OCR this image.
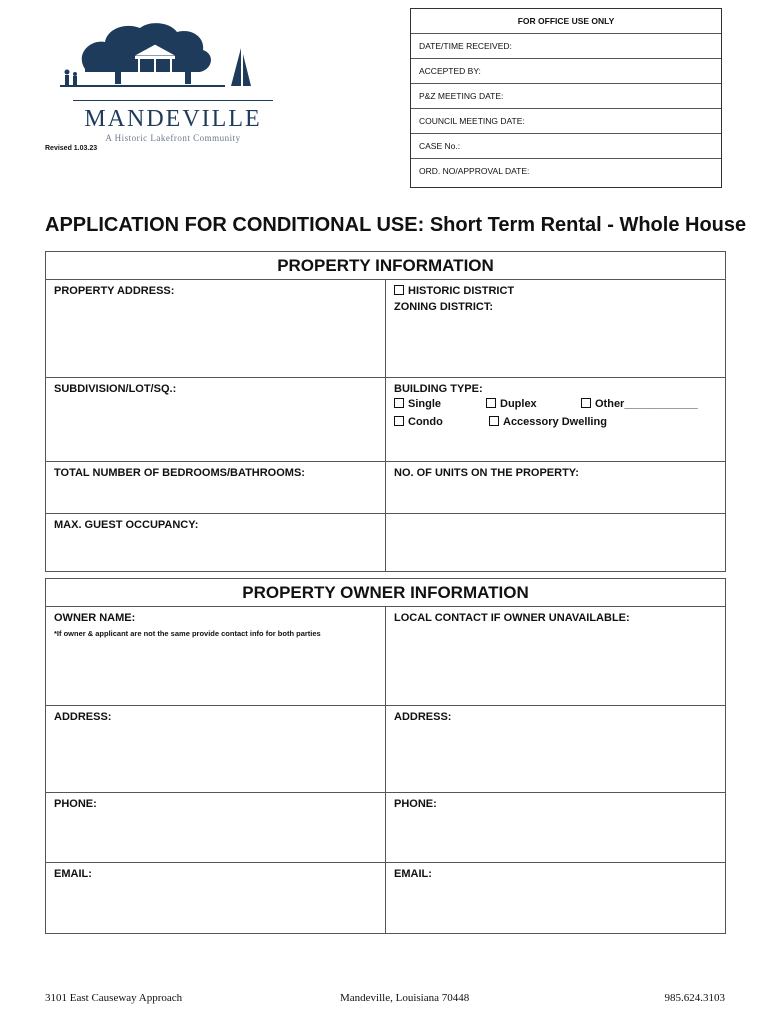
MANDEVILLE
A Historic Lakefront Community
Revised 1.03.23
FOR OFFICE USE ONLY
DATE/TIME RECEIVED:
ACCEPTED BY:
P&Z MEETING DATE:
COUNCIL MEETING DATE:
CASE No.:
ORD. NO/APPROVAL DATE:
APPLICATION FOR CONDITIONAL USE: Short Term Rental - Whole House
PROPERTY INFORMATION
PROPERTY ADDRESS:	HISTORIC DISTRICT
ZONING DISTRICT:
SUBDIVISION/LOT/SQ.:	BUILDING TYPE:
Single	Duplex	Other____________
Condo	Accessory Dwelling
TOTAL NUMBER OF BEDROOMS/BATHROOMS:	NO. OF UNITS ON THE PROPERTY:
MAX. GUEST OCCUPANCY:
PROPERTY OWNER INFORMATION
OWNER NAME:
*If owner & applicant are not the same provide contact info for both parties
LOCAL CONTACT IF OWNER UNAVAILABLE:
ADDRESS:	ADDRESS:
PHONE:	PHONE:
EMAIL:	EMAIL:
3101 East Causeway Approach	Mandeville, Louisiana 70448	985.624.3103
